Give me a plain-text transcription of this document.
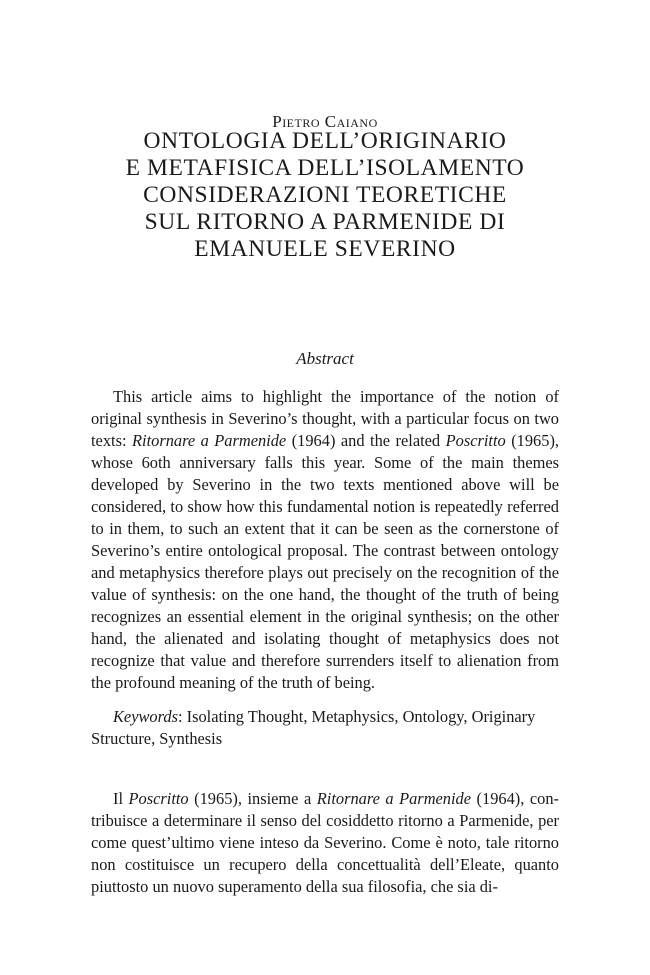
Pietro Caiano
ONTOLOGIA DELL’ORIGINARIO
E METAFISICA DELL’ISOLAMENTO
CONSIDERAZIONI TEORETICHE
SUL RITORNO A PARMENIDE DI
EMANUELE SEVERINO
Abstract

This article aims to highlight the importance of the notion of original synthesis in Severino’s thought, with a particular focus on two texts: Ritornare a Parmenide (1964) and the related Poscritto (1965), whose 6oth anniversary falls this year. Some of the main themes developed by Severino in the two texts mentioned above will be considered, to show how this fundamental notion is repeatedly referred to in them, to such an extent that it can be seen as the cornerstone of Severino’s entire ontological proposal. The contrast between ontology and metaphysics therefore plays out precisely on the recognition of the value of synthesis: on the one hand, the thought of the truth of being recognizes an essential element in the original synthesis; on the other hand, the alienated and isolating thought of metaphysics does not recognize that value and therefore surrenders itself to alienation from the profound meaning of the truth of being.

Keywords: Isolating Thought, Metaphysics, Ontology, Originary Structure, Synthesis

Il Poscritto (1965), insieme a Ritornare a Parmenide (1964), contribuisce a determinare il senso del cosiddetto ritorno a Parmenide, per come quest’ultimo viene inteso da Severino. Come è noto, tale ritorno non costituisce un recupero della concettualità dell’Eleate, quanto piuttosto un nuovo superamento della sua filosofia, che sia di-
